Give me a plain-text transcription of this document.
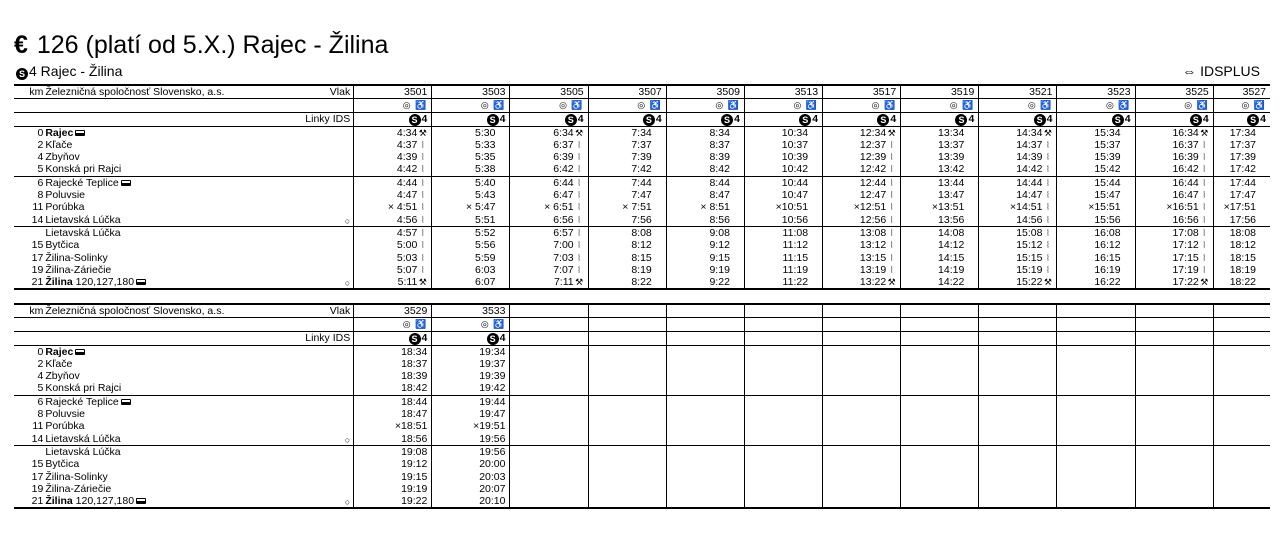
€ 126 (platí od 5.X.) Rajec - Žilina
S 4 Rajec - Žilina	⇔ IDSPLUS
km	Železničná spoločnosť Slovensko, a.s. Vlak	3501	3503	3505	3507	3509	3513	3517	3519	3521	3523	3525	3527
		◎ ♿	◎ ♿	◎ ♿	◎ ♿	◎ ♿	◎ ♿	◎ ♿	◎ ♿	◎ ♿	◎ ♿	◎ ♿	◎ ♿

	Linky IDS	S 4	S 4	S 4	S 4	S 4	S 4	S 4	S 4	S 4	S 4	S 4	S 4
0	Rajec	4:34⚒	5:30	6:34⚒	7:34	8:34	10:34	12:34⚒	13:34	14:34⚒	15:34	16:34⚒	17:34
2	Kľače	4:37 ⦚	5:33	6:37 ⦚	7:37	8:37	10:37	12:37 ⦚	13:37	14:37 ⦚	15:37	16:37 ⦚	17:37
4	Zbyňov	4:39 ⦚	5:35	6:39 ⦚	7:39	8:39	10:39	12:39 ⦚	13:39	14:39 ⦚	15:39	16:39 ⦚	17:39
5	Konská pri Rajci	4:42 ⦚	5:38	6:42 ⦚	7:42	8:42	10:42	12:42 ⦚	13:42	14:42 ⦚	15:42	16:42 ⦚	17:42
6	Rajecké Teplice	4:44 ⦚	5:40	6:44 ⦚	7:44	8:44	10:44	12:44 ⦚	13:44	14:44 ⦚	15:44	16:44 ⦚	17:44
8	Poluvsie	4:47 ⦚	5:43	6:47 ⦚	7:47	8:47	10:47	12:47 ⦚	13:47	14:47 ⦚	15:47	16:47 ⦚	17:47
11	Porúbka	× 4:51 ⦚	× 5:47	× 6:51 ⦚	× 7:51	× 8:51	×10:51	×12:51 ⦚	×13:51	×14:51 ⦚	×15:51	×16:51 ⦚	×17:51
14	Lietavská Lúčka ○	4:56 ⦚	5:51	6:56 ⦚	7:56	8:56	10:56	12:56 ⦚	13:56	14:56 ⦚	15:56	16:56 ⦚	17:56
	Lietavská Lúčka	4:57 ⦚	5:52	6:57 ⦚	8:08	9:08	11:08	13:08 ⦚	14:08	15:08 ⦚	16:08	17:08 ⦚	18:08
15	Bytčica	5:00 ⦚	5:56	7:00 ⦚	8:12	9:12	11:12	13:12 ⦚	14:12	15:12 ⦚	16:12	17:12 ⦚	18:12
17	Žilina-Solinky	5:03 ⦚	5:59	7:03 ⦚	8:15	9:15	11:15	13:15 ⦚	14:15	15:15 ⦚	16:15	17:15 ⦚	18:15
19	Žilina-Záriečie	5:07 ⦚	6:03	7:07 ⦚	8:19	9:19	11:19	13:19 ⦚	14:19	15:19 ⦚	16:19	17:19 ⦚	18:19
21	Žilina 120,127,180 ○	5:11⚒	6:07	7:11⚒	8:22	9:22	11:22	13:22⚒	14:22	15:22⚒	16:22	17:22⚒	18:22
km	Železničná spoločnosť Slovensko, a.s. Vlak	3529	3533										
		◎ ♿	◎ ♿										

	Linky IDS	S 4	S 4										
0	Rajec	18:34	19:34										
2	Kľače	18:37	19:37										
4	Zbyňov	18:39	19:39										
5	Konská pri Rajci	18:42	19:42										
6	Rajecké Teplice	18:44	19:44										
8	Poluvsie	18:47	19:47										
11	Porúbka	×18:51	×19:51										
14	Lietavská Lúčka ○	18:56	19:56										
	Lietavská Lúčka	19:08	19:56										
15	Bytčica	19:12	20:00										
17	Žilina-Solinky	19:15	20:03										
19	Žilina-Záriečie	19:19	20:07										
21	Žilina 120,127,180 ○	19:22	20:10										
